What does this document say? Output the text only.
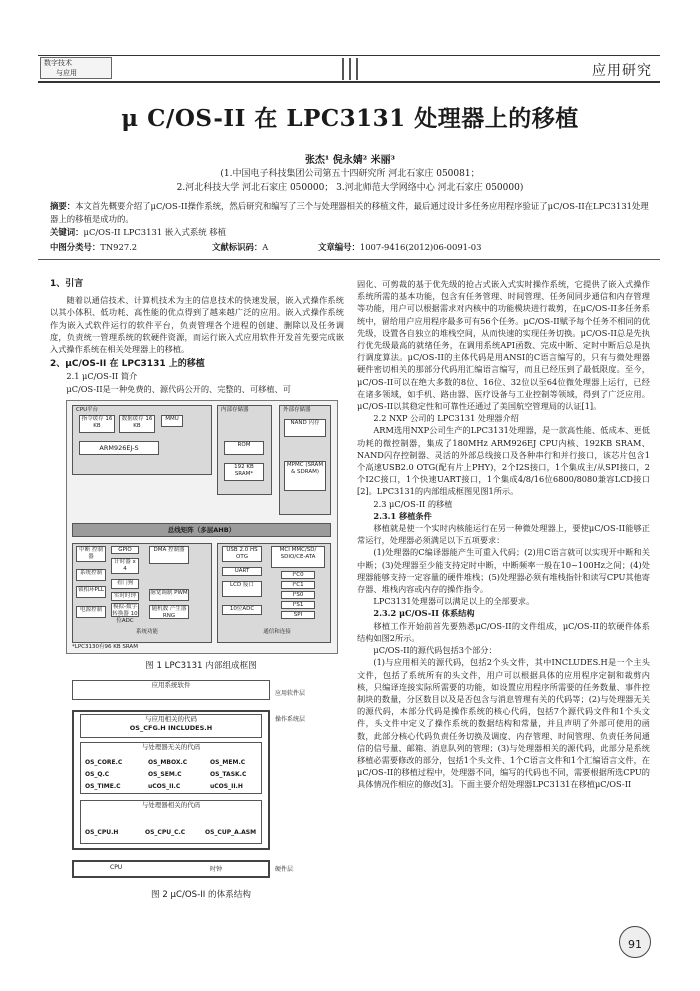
数字技术
与应用	应用研究
μ C/OS-II 在 LPC3131 处理器上的移植
张杰¹ 倪永婧² 米丽³
(1.中国电子科技集团公司第五十四研究所 河北石家庄 050081；
2.河北科技大学 河北石家庄 050000； 3.河北师范大学网络中心 河北石家庄 050000)
摘要：本文首先概要介绍了μC/OS-II操作系统，然后研究和编写了三个与处理器相关的移植文件，最后通过设计多任务应用程序验证了μC/OS-II在LPC3131处理器上的移植是成功的。
关键词：μC/OS-II LPC3131 嵌入式系统 移植
中图分类号：TN927.2	文献标识码：A	文章编号：1007-9416(2012)06-0091-03

1、引言

随着以通信技术、计算机技术为主的信息技术的快速发展，嵌入式操作系统以其小体积、低功耗、高性能的优点得到了越来越广泛的应用。嵌入式操作系统作为嵌入式软件运行的软件平台，负责管理各个进程的创建、删除以及任务调度，负责统一管理系统的软硬件资源，而运行嵌入式应用软件开发首先要完成嵌入式操作系统在相关处理器上的移植。

2、μC/OS-II 在 LPC3131 上的移植

2.1 μC/OS-II 简介

μC/OS-II是一种免费的、源代码公开的、完整的、可移植、可

CPU平台
指令缓存 16 KB
数据缓存 16 KB
MMU
ARM926EJ-S
内部存储器
ROM
192 KB SRAM*
外部存储器
NAND 闪存
MPMC (SRAM & SDRAM)
总线矩阵（多层AHB）
中断 控制器
GPIO
计时器 x 4
DMA 控制器
系统控制
看门狗
锁相环PLL
实时时钟
模拟-数字 转换器 10位ADC
脉宽调制 PWM
随机数 产生器RNG
电源控制
系统功能
USB 2.0 HS OTG
UART
LCD 接口
10位ADC
MCI MMC/SD/ SDIO/CE-ATA
I²C0
I²C1
I²S0
I²S1
SPI
通信和连接
*LPC3130有96 KB SRAM
图 1 LPC3131 内部组成框图
应用系统软件
应用软件层
操作系统层
与应用相关的代码
OS_CFG.H INCLUDES.H
与处理器无关的代码
OS_CORE.C	OS_MBOX.C	OS_MEM.C
OS_Q.C	OS_SEM.C	OS_TASK.C
OS_TIME.C	uCOS_II.C	uCOS_II.H
与处理器相关的代码
OS_CPU.H	OS_CPU_C.C	OS_CUP_A.ASM
CPU	时钟	硬件层
图 2 μC/OS-II 的体系结构

固化、可剪裁的基于优先级的抢占式嵌入式实时操作系统，它提供了嵌入式操作系统所需的基本功能，包含有任务管理、时间管理、任务间同步通信和内存管理等功能，用户可以根据需求对内核中的功能模块进行裁剪，在μC/OS-II多任务系统中，留给用户应用程序最多可有56个任务。μC/OS-II赋予每个任务不相同的优先级，设置各自独立的堆栈空间，从而快速的实现任务切换。μC/OS-II总是先执行优先级最高的就绪任务，在调用系统API函数、完成中断、定时中断后总是执行调度算法。μC/OS-II的主体代码是用ANSI的C语言编写的，只有与微处理器硬件密切相关的那部分代码用汇编语言编写，而且已经压到了最低限度。至今，μC/OS-II可以在绝大多数的8位、16位、32位以至64位微处理器上运行，已经在诸多领域，如手机、路由器、医疗设备与工业控制等领域，得到了广泛应用。μC/OS-II以其稳定性和可靠性还通过了美国航空管理局的认证[1]。

2.2 NXP 公司的 LPC3131 处理器介绍

ARM选用NXP公司生产的LPC3131处理器，是一款高性能、低成本、更低功耗的微控制器，集成了180MHz ARM926EJ CPU内核、192KB SRAM、NAND闪存控制器、灵活的外部总线接口及各种串行和并行接口，该芯片包含1个高速USB2.0 OTG(配有片上PHY)，2个I2S接口，1个集成主/从SPI接口，2个I2C接口，1个快速UART接口，1个集成4/8/16位6800/8080兼容LCD接口[2]。LPC3131的内部组成框图见图1所示。

2.3 μC/OS-II 的移植

2.3.1 移植条件

移植就是使一个实时内核能运行在另一种微处理器上，要使μC/OS-II能够正常运行，处理器必须满足以下五项要求：

(1)处理器的C编译器能产生可重入代码；(2)用C语言就可以实现开中断和关中断；(3)处理器至少能支持定时中断，中断频率一般在10~100Hz之间；(4)处理器能够支持一定容量的硬件堆栈；(5)处理器必须有堆栈指针和读写CPU其他寄存器、堆栈内容或内存的操作指令。

LPC3131处理器可以满足以上的全部要求。

2.3.2 μC/OS-II 体系结构

移植工作开始前首先要熟悉μC/OS-II的文件组成，μC/OS-II的软硬件体系结构如图2所示。

μC/OS-II的源代码包括3个部分：

(1)与应用相关的源代码，包括2个头文件，其中INCLUDES.H是一个主头文件，包括了系统所有的头文件，用户可以根据具体的应用程序定制和裁剪内核，只编译连接实际所需要的功能，如设置应用程序所需要的任务数量、事件控制块的数量，分区数目以及是否包含与消息管理有关的代码等；(2)与处理器无关的源代码，本部分代码是操作系统的核心代码，包括7个源代码文件和1个头文件，头文件中定义了操作系统的数据结构和常量，并且声明了外部可使用的函数，此部分核心代码负责任务切换及调度、内存管理、时间管理、负责任务间通信的信号量、邮箱、消息队列的管理；(3)与处理器相关的源代码，此部分是系统移植必需要修改的部分，包括1个头文件、1个C语言文件和1个汇编语言文件，在μC/OS-II的移植过程中，处理器不同，编写的代码也不同，需要根据所选CPU的具体情况作相应的修改[3]。下面主要介绍处理器LPC3131在移植μC/OS-II

91
